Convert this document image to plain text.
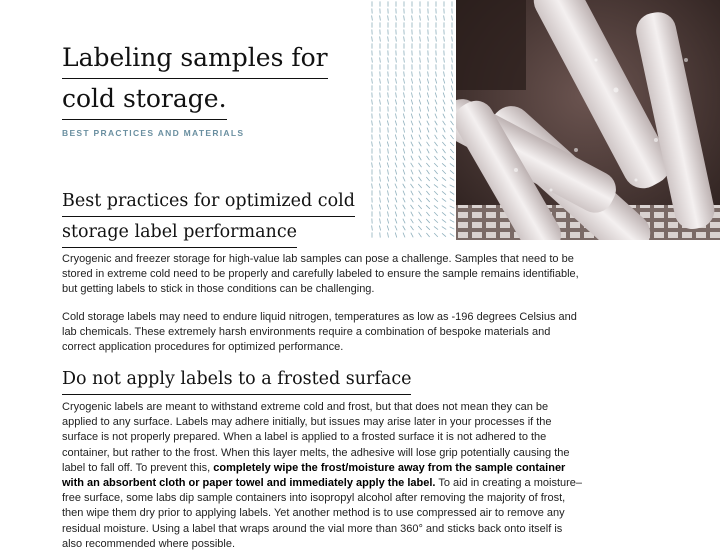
Labeling samples for
cold storage.
BEST PRACTICES AND MATERIALS
Best practices for optimized cold
storage label performance

Cryogenic and freezer storage for high-value lab samples can pose a challenge. Samples that need to be stored in extreme cold need to be properly and carefully labeled to ensure the sample remains identifiable, but getting labels to stick in those conditions can be challenging.

Cold storage labels may need to endure liquid nitrogen, temperatures as low as -196 degrees Celsius and lab chemicals. These extremely harsh environments require a combination of bespoke materials and correct application procedures for optimized performance.

Do not apply labels to a frosted surface

Cryogenic labels are meant to withstand extreme cold and frost, but that does not mean they can be applied to any surface. Labels may adhere initially, but issues may arise later in your processes if the surface is not properly prepared. When a label is applied to a frosted surface it is not adhered to the container, but rather to the frost. When this layer melts, the adhesive will lose grip potentially causing the label to fall off. To prevent this, completely wipe the frost/moisture away from the sample container with an absorbent cloth or paper towel and immediately apply the label. To aid in creating a moisture–free surface, some labs dip sample containers into isopropyl alcohol after removing the majority of frost, then wipe them dry prior to applying labels. Yet another method is to use compressed air to remove any residual moisture. Using a label that wraps around the vial more than 360° and sticks back onto itself is also recommended where possible.
